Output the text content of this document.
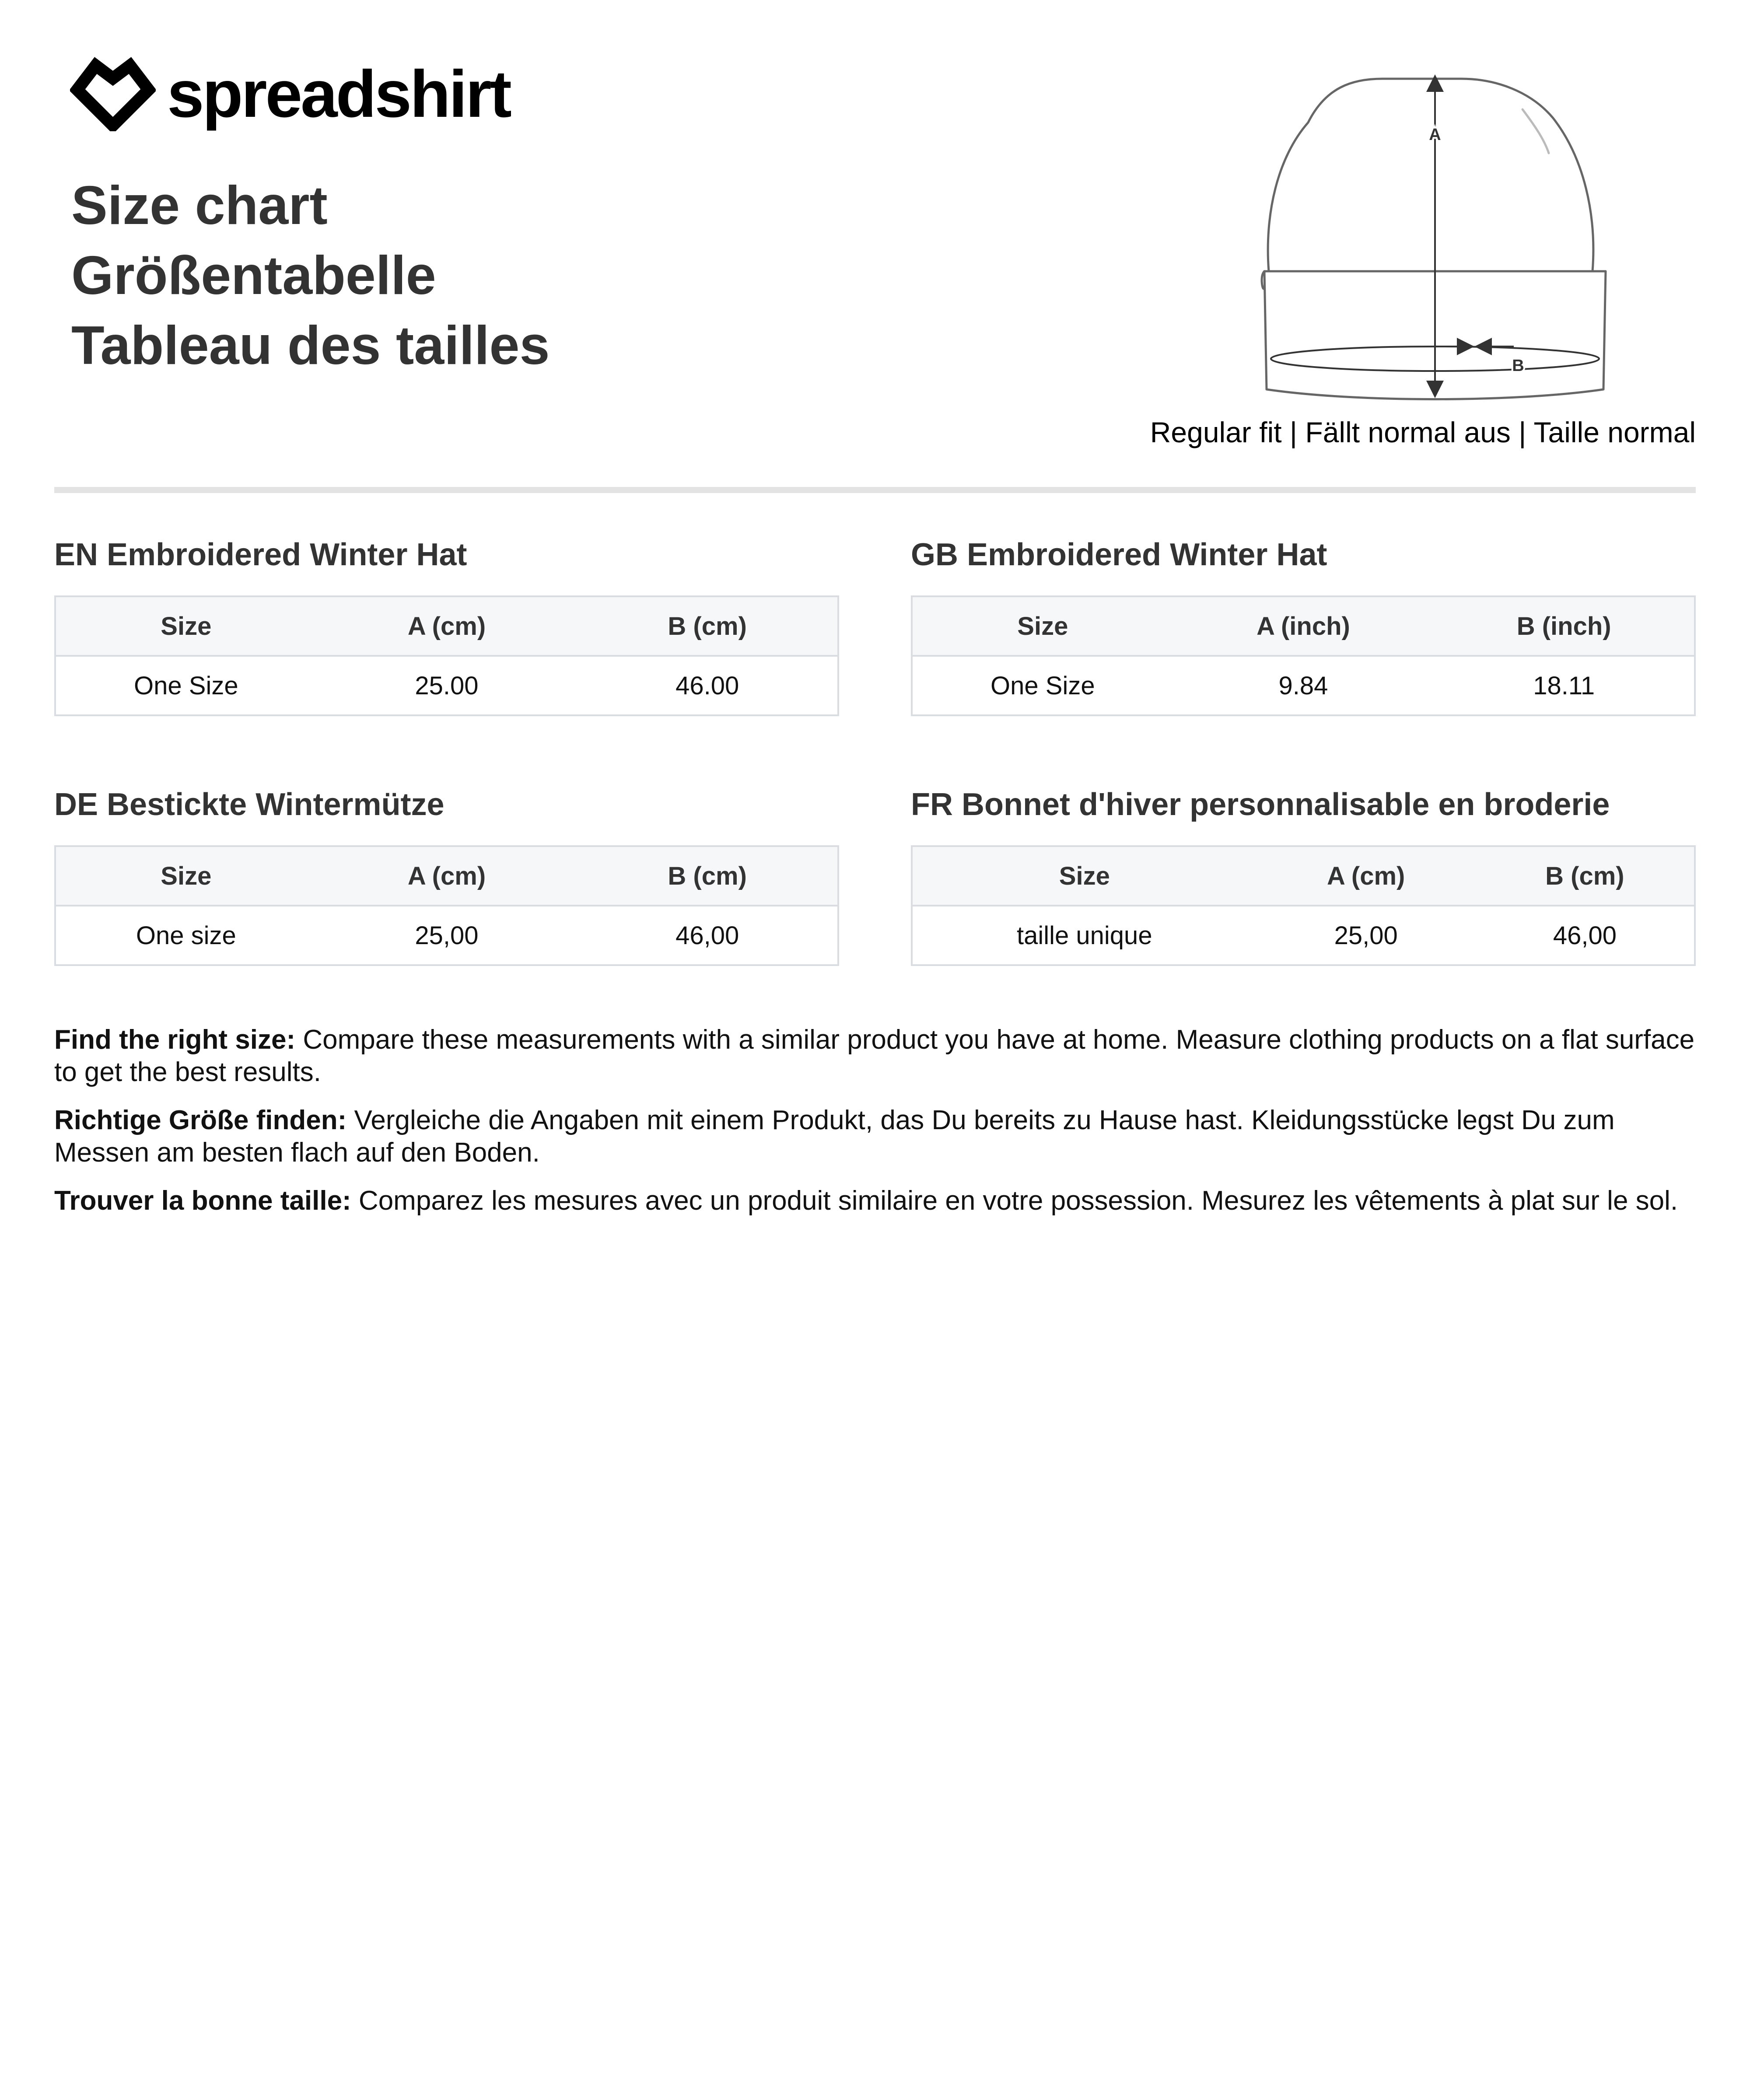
spreadshirt
Size chart
Größentabelle
Tableau des tailles
A
B
Regular fit | Fällt normal aus | Taille normal
EN Embroidered Winter Hat
Size	A (cm)	B (cm)
One Size	25.00	46.00
GB Embroidered Winter Hat
Size	A (inch)	B (inch)
One Size	9.84	18.11
DE Bestickte Wintermütze
Size	A (cm)	B (cm)
One size	25,00	46,00
FR Bonnet d'hiver personnalisable en broderie
Size	A (cm)	B (cm)
taille unique	25,00	46,00

Find the right size: Compare these measurements with a similar product you have at home. Measure clothing products on a flat surface to get the best results.

Richtige Größe finden: Vergleiche die Angaben mit einem Produkt, das Du bereits zu Hause hast. Kleidungsstücke legst Du zum Messen am besten flach auf den Boden.

Trouver la bonne taille: Comparez les mesures avec un produit similaire en votre possession. Mesurez les vêtements à plat sur le sol.
